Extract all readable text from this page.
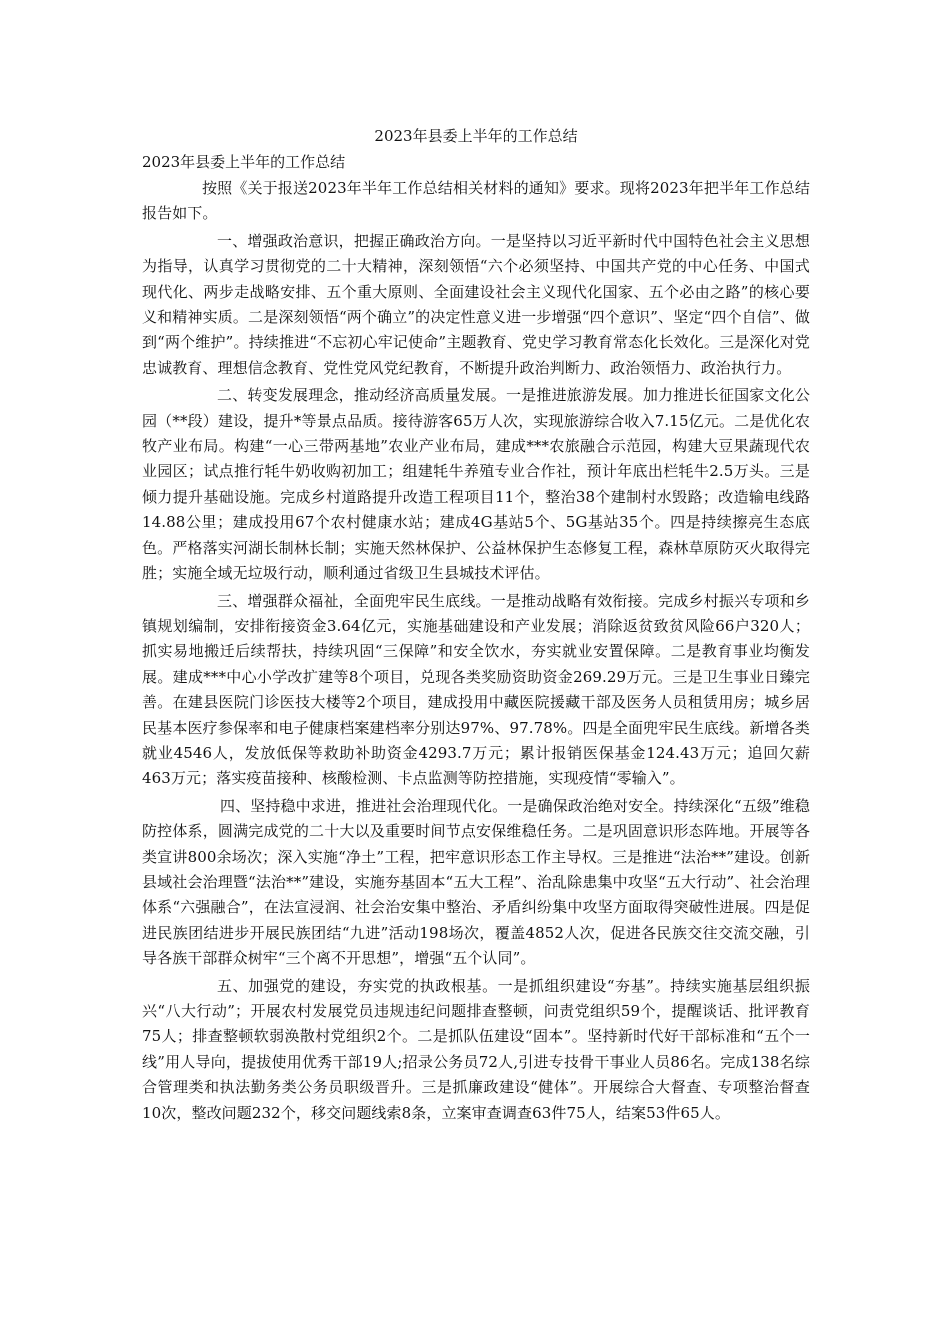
2023年县委上半年的工作总结

2023年县委上半年的工作总结

按照《关于报送2023年半年工作总结相关材料的通知》要求。现将2023年把半年工作总结报告如下。

一、增强政治意识，把握正确政治方向。一是坚持以习近平新时代中国特色社会主义思想为指导，认真学习贯彻党的二十大精神，深刻领悟“六个必须坚持、中国共产党的中心任务、中国式现代化、两步走战略安排、五个重大原则、全面建设社会主义现代化国家、五个必由之路”的核心要义和精神实质。二是深刻领悟“两个确立”的决定性意义进一步增强“四个意识”、坚定“四个自信”、做到“两个维护”。持续推进“不忘初心牢记使命”主题教育、党史学习教育常态化长效化。三是深化对党忠诚教育、理想信念教育、党性党风党纪教育，不断提升政治判断力、政治领悟力、政治执行力。

二、转变发展理念，推动经济高质量发展。一是推进旅游发展。加力推进长征国家文化公园（**段）建设，提升*等景点品质。接待游客65万人次，实现旅游综合收入7.15亿元。二是优化农牧产业布局。构建“一心三带两基地”农业产业布局，建成***农旅融合示范园，构建大豆果蔬现代农业园区；试点推行牦牛奶收购初加工；组建牦牛养殖专业合作社，预计年底出栏牦牛2.5万头。三是倾力提升基础设施。完成乡村道路提升改造工程项目11个，整治38个建制村水毁路；改造输电线路14.88公里；建成投用67个农村健康水站；建成4G基站5个、5G基站35个。四是持续擦亮生态底色。严格落实河湖长制林长制；实施天然林保护、公益林保护生态修复工程，森林草原防灭火取得完胜；实施全域无垃圾行动，顺利通过省级卫生县城技术评估。

三、增强群众福祉，全面兜牢民生底线。一是推动战略有效衔接。完成乡村振兴专项和乡镇规划编制，安排衔接资金3.64亿元，实施基础建设和产业发展；消除返贫致贫风险66户320人；抓实易地搬迁后续帮扶，持续巩固“三保障”和安全饮水，夯实就业安置保障。二是教育事业均衡发展。建成***中心小学改扩建等8个项目，兑现各类奖励资助资金269.29万元。三是卫生事业日臻完善。在建县医院门诊医技大楼等2个项目，建成投用中藏医院援藏干部及医务人员租赁用房；城乡居民基本医疗参保率和电子健康档案建档率分别达97%、97.78%。四是全面兜牢民生底线。新增各类就业4546人，发放低保等救助补助资金4293.7万元；累计报销医保基金124.43万元；追回欠薪463万元；落实疫苗接种、核酸检测、卡点监测等防控措施，实现疫情“零输入”。

四、坚持稳中求进，推进社会治理现代化。一是确保政治绝对安全。持续深化“五级”维稳防控体系，圆满完成党的二十大以及重要时间节点安保维稳任务。二是巩固意识形态阵地。开展等各类宣讲800余场次；深入实施“净土”工程，把牢意识形态工作主导权。三是推进“法治**”建设。创新县域社会治理暨“法治**”建设，实施夯基固本“五大工程”、治乱除患集中攻坚“五大行动”、社会治理体系“六强融合”，在法宣浸润、社会治安集中整治、矛盾纠纷集中攻坚方面取得突破性进展。四是促进民族团结进步开展民族团结“九进”活动198场次，覆盖4852人次，促进各民族交往交流交融，引导各族干部群众树牢“三个离不开思想”，增强“五个认同”。

五、加强党的建设，夯实党的执政根基。一是抓组织建设“夯基”。持续实施基层组织振兴“八大行动”；开展农村发展党员违规违纪问题排查整顿，问责党组织59个，提醒谈话、批评教育75人；排查整顿软弱涣散村党组织2个。二是抓队伍建设“固本”。坚持新时代好干部标准和“五个一线”用人导向，提拔使用优秀干部19人;招录公务员72人,引进专技骨干事业人员86名。完成138名综合管理类和执法勤务类公务员职级晋升。三是抓廉政建设“健体”。开展综合大督查、专项整治督查10次，整改问题232个，移交问题线索8条，立案审查调查63件75人，结案53件65人。
